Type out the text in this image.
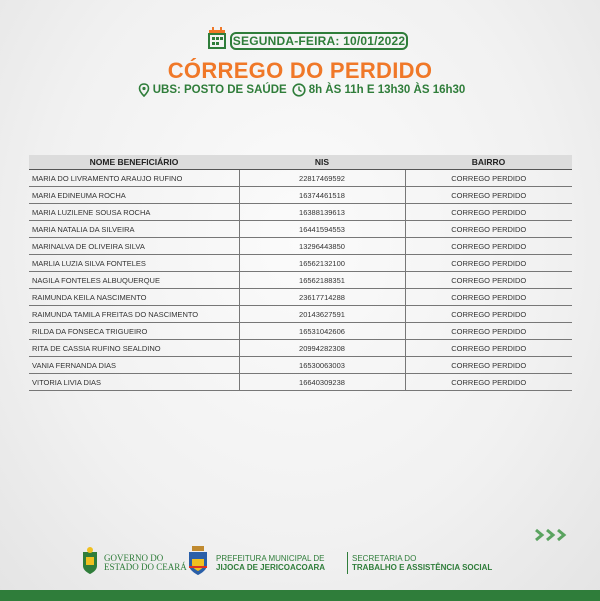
SEGUNDA-FEIRA: 10/01/2022
CÓRREGO DO PERDIDO
UBS: POSTO DE SAÚDE 8h ÀS 11h E 13h30 ÀS 16h30
NOME BENEFICIÁRIO	NIS	BAIRRO
MARIA DO LIVRAMENTO ARAUJO RUFINO	22817469592	CORREGO PERDIDO
MARIA EDINEUMA ROCHA	16374461518	CORREGO PERDIDO
MARIA LUZILENE SOUSA ROCHA	16388139613	CORREGO PERDIDO
MARIA NATALIA DA SILVEIRA	16441594553	CORREGO PERDIDO
MARINALVA DE OLIVEIRA SILVA	13296443850	CORREGO PERDIDO
MARLIA LUZIA SILVA FONTELES	16562132100	CORREGO PERDIDO
NAGILA FONTELES ALBUQUERQUE	16562188351	CORREGO PERDIDO
RAIMUNDA KEILA NASCIMENTO	23617714288	CORREGO PERDIDO
RAIMUNDA TAMILA FREITAS DO NASCIMENTO	20143627591	CORREGO PERDIDO
RILDA DA FONSECA TRIGUEIRO	16531042606	CORREGO PERDIDO
RITA DE CASSIA RUFINO SEALDINO	20994282308	CORREGO PERDIDO
VANIA FERNANDA DIAS	16530063003	CORREGO PERDIDO
VITORIA LIVIA DIAS	16640309238	CORREGO PERDIDO
GOVERNO DO
ESTADO DO CEARÁ
PREFEITURA MUNICIPAL DE
JIJOCA DE JERICOACOARA
SECRETARIA DO
TRABALHO E ASSISTÊNCIA SOCIAL
